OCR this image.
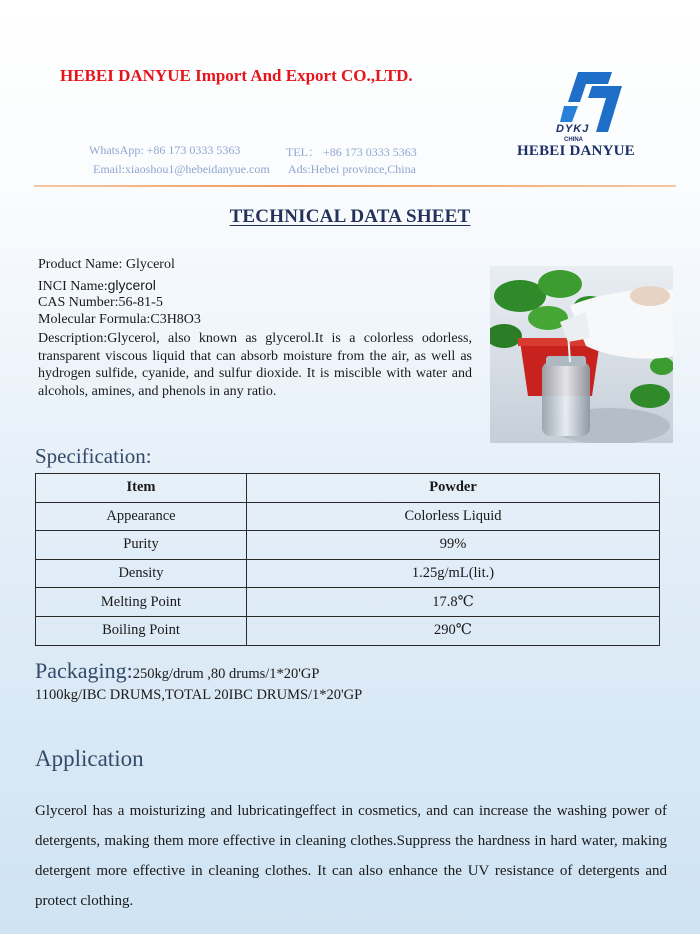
HEBEI DANYUE Import And Export CO.,LTD.
WhatsApp: +86 173 0333 5363	TEL： +86 173 0333 5363
Email:xiaoshou1@hebeidanyue.com Ads:Hebei province,China
DYKJ
CHINA
HEBEI DANYUE
TECHNICAL DATA SHEET
Product Name: Glycerol
INCI Name:glycerol
CAS Number:56-81-5
Molecular Formula:C3H8O3
Description:Glycerol, also known as glycerol.It is a colorless odorless, transparent viscous liquid that can absorb moisture from the air, as well as hydrogen sulfide, cyanide, and sulfur dioxide. It is miscible with water and alcohols, amines, and phenols in any ratio.
Specification:
Item	Powder
Appearance	Colorless Liquid
Purity	99%
Density	1.25g/mL(lit.)
Melting Point	17.8℃
Boiling Point	290℃
Packaging:250kg/drum ,80 drums/1*20'GP
1100kg/IBC DRUMS,TOTAL 20IBC DRUMS/1*20'GP
Application
Glycerol has a moisturizing and lubricatingeffect in cosmetics, and can increase the washing power of detergents, making them more effective in cleaning clothes.Suppress the hardness in hard water, making detergent more effective in cleaning clothes. It can also enhance the UV resistance of detergents and protect clothing.
Copyright Hebei Danyue Import and Export Co., Ltd All Rights Reserved
© 2023
